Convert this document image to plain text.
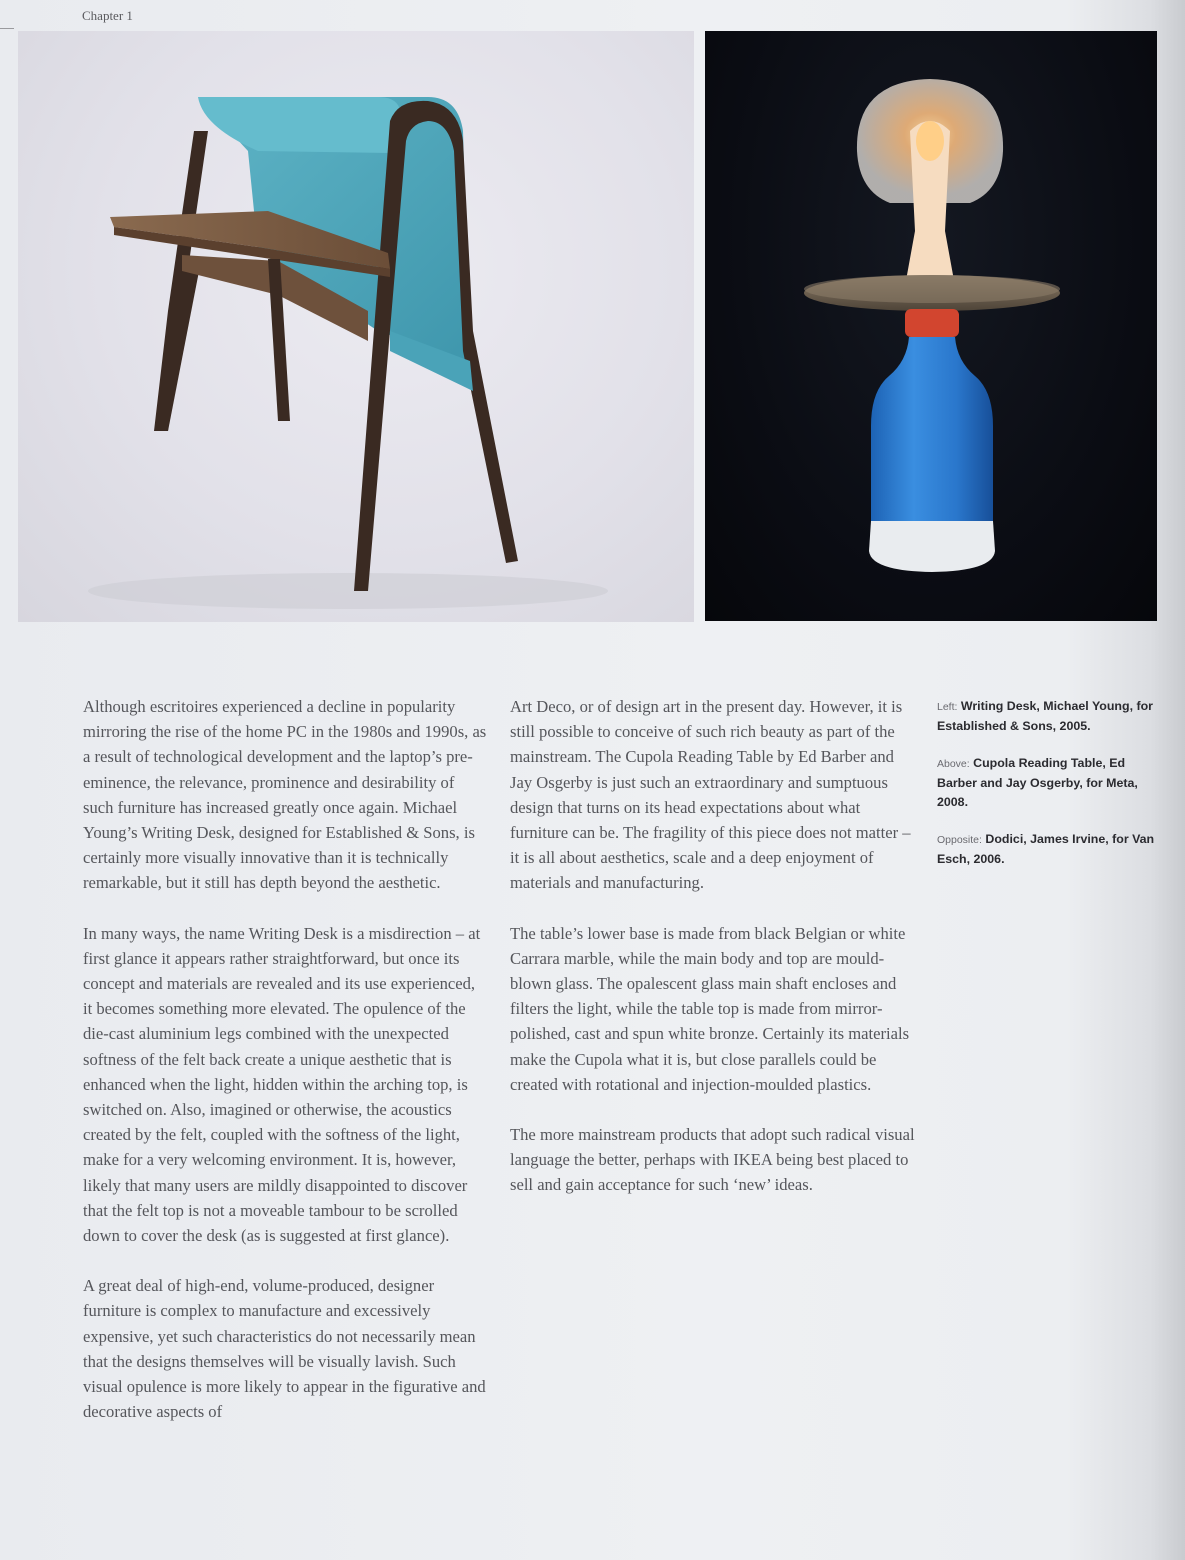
Chapter 1

Although escritoires experienced a decline in popularity mirroring the rise of the home PC in the 1980s and 1990s, as a result of technological development and the laptop’s pre-eminence, the relevance, prominence and desirability of such furniture has increased greatly once again. Michael Young’s Writing Desk, designed for Established & Sons, is certainly more visually innovative than it is technically remarkable, but it still has depth beyond the aesthetic.

In many ways, the name Writing Desk is a misdirection – at first glance it appears rather straightforward, but once its concept and materials are revealed and its use experienced, it becomes something more elevated. The opulence of the die-cast aluminium legs combined with the unexpected softness of the felt back create a unique aesthetic that is enhanced when the light, hidden within the arching top, is switched on. Also, imagined or otherwise, the acoustics created by the felt, coupled with the softness of the light, make for a very welcoming environment. It is, however, likely that many users are mildly disappointed to discover that the felt top is not a moveable tambour to be scrolled down to cover the desk (as is suggested at first glance).

A great deal of high-end, volume-produced, designer furniture is complex to manufacture and excessively expensive, yet such characteristics do not necessarily mean that the designs themselves will be visually lavish. Such visual opulence is more likely to appear in the figurative and decorative aspects of

Art Deco, or of design art in the present day. However, it is still possible to conceive of such rich beauty as part of the mainstream. The Cupola Reading Table by Ed Barber and Jay Osgerby is just such an extraordinary and sumptuous design that turns on its head expectations about what furniture can be. The fragility of this piece does not matter – it is all about aesthetics, scale and a deep enjoyment of materials and manufacturing.

The table’s lower base is made from black Belgian or white Carrara marble, while the main body and top are mould-blown glass. The opalescent glass main shaft encloses and filters the light, while the table top is made from mirror-polished, cast and spun white bronze. Certainly its materials make the Cupola what it is, but close parallels could be created with rotational and injection-moulded plastics.

The more mainstream products that adopt such radical visual language the better, perhaps with IKEA being best placed to sell and gain acceptance for such ‘new’ ideas.

Left: Writing Desk, Michael Young, for Established & Sons, 2005.
Above: Cupola Reading Table, Ed Barber and Jay Osgerby, for Meta, 2008.
Opposite: Dodici, James Irvine, for Van Esch, 2006.
